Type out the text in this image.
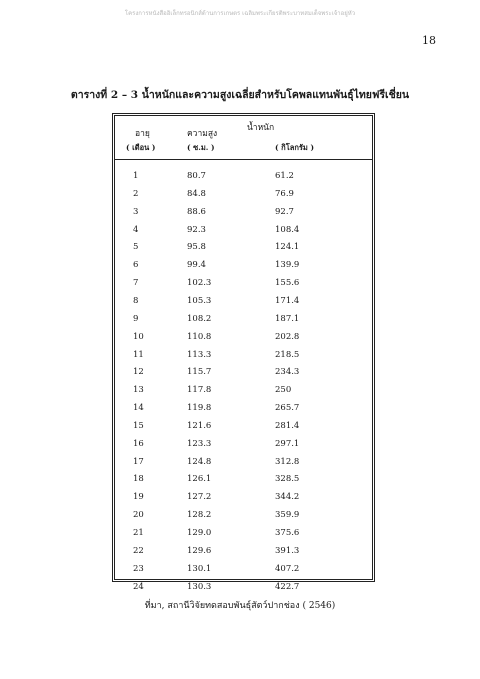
โครงการหนังสืออิเล็กทรอนิกส์ด้านการเกษตร เฉลิมพระเกียรติพระบาทสมเด็จพระเจ้าอยู่หัว
18
ตารางที่ 2 – 3 น้ำหนักและความสูงเฉลี่ยสำหรับโคพลแทนพันธุ์ไทยฟรีเชี่ยน
อายุ
( เดือน )
ความสูง
( ซ.ม. )
น้ำหนัก
( กิโลกรัม )
1	80.7	61.2
2	84.8	76.9
3	88.6	92.7
4	92.3	108.4
5	95.8	124.1
6	99.4	139.9
7	102.3	155.6
8	105.3	171.4
9	108.2	187.1
10	110.8	202.8
11	113.3	218.5
12	115.7	234.3
13	117.8	250
14	119.8	265.7
15	121.6	281.4
16	123.3	297.1
17	124.8	312.8
18	126.1	328.5
19	127.2	344.2
20	128.2	359.9
21	129.0	375.6
22	129.6	391.3
23	130.1	407.2
24	130.3	422.7
ที่มา, สถานีวิจัยทดสอบพันธุ์สัตว์ปากช่อง ( 2546)
